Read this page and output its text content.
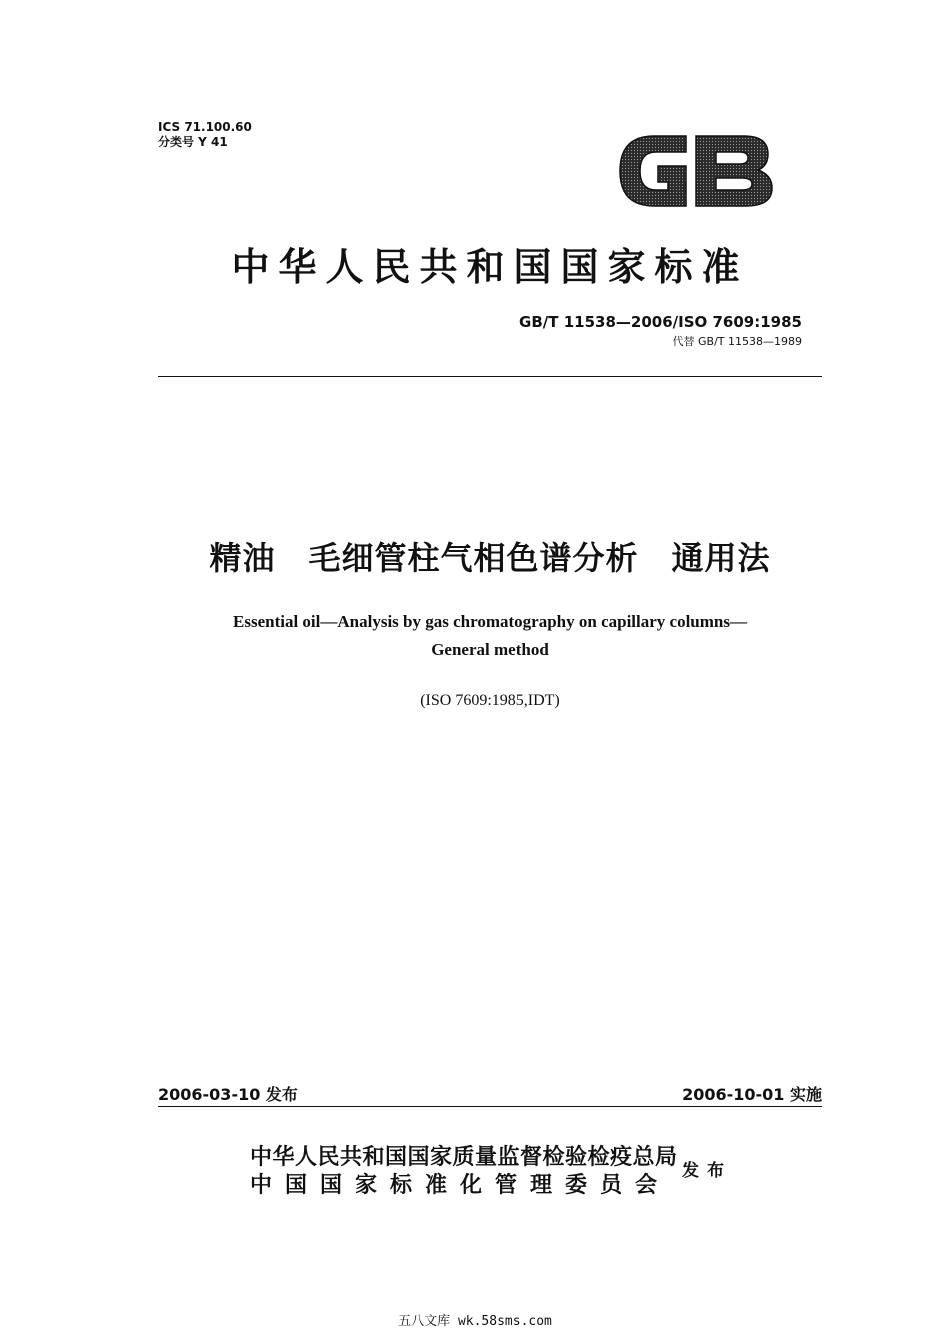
ICS 71.100.60
分类号 Y 41
中华人民共和国国家标准
GB/T 11538—2006/ISO 7609:1985
代替 GB/T 11538—1989
精油　毛细管柱气相色谱分析　通用法
Essential oil—Analysis by gas chromatography on capillary columns—
General method
(ISO 7609:1985,IDT)
2006-03-10 发布	2006-10-01 实施
中华人民共和国国家质量监督检验检疫总局
中国国家标准化管理委员会
发布
五八文库 wk.58sms.com
